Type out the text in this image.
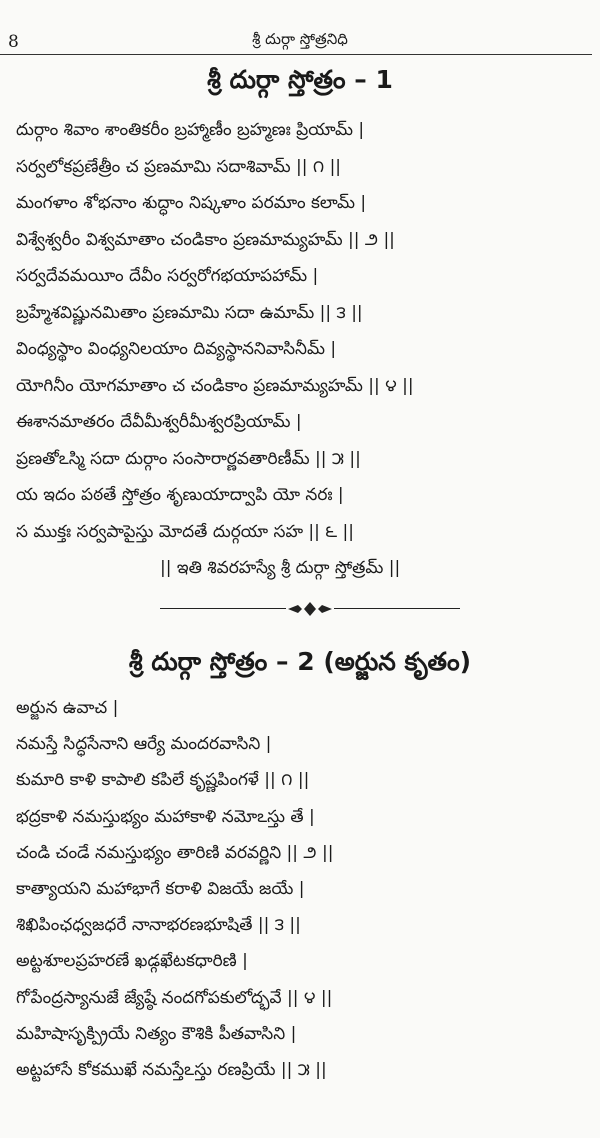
8	శ్రీ దుర్గా స్తోత్రనిధి
శ్రీ దుర్గా స్తోత్రం – 1
దుర్గాం శివాం శాంతికరీం బ్రహ్మాణీం బ్రహ్మణః ప్రియామ్ |
సర్వలోకప్రణేత్రీం చ ప్రణమామి సదాశివామ్ || ౧ ||
మంగళాం శోభనాం శుద్ధాం నిష్కళాం పరమాం కలామ్ |
విశ్వేశ్వరీం విశ్వమాతాం చండికాం ప్రణమామ్యహమ్ || ౨ ||
సర్వదేవమయీం దేవీం సర్వరోగభయాపహామ్ |
బ్రహ్మేశవిష్ణునమితాం ప్రణమామి సదా ఉమామ్ || ౩ ||
వింధ్యస్థాం వింధ్యనిలయాం దివ్యస్థాననివాసినీమ్ |
యోగినీం యోగమాతాం చ చండికాం ప్రణమామ్యహమ్ || ౪ ||
ఈశానమాతరం దేవీమీశ్వరీమీశ్వరప్రియామ్ |
ప్రణతోఽస్మి సదా దుర్గాం సంసారార్ణవతారిణీమ్ || ౫ ||
య ఇదం పఠతే స్తోత్రం శృణుయాద్వాపి యో నరః |
స ముక్తః సర్వపాపైస్తు మోదతే దుర్గయా సహ || ౬ ||
|| ఇతి శివరహస్యే శ్రీ దుర్గా స్తోత్రమ్ ||
శ్రీ దుర్గా స్తోత్రం – 2 (అర్జున కృతం)
అర్జున ఉవాచ |
నమస్తే సిద్ధసేనాని ఆర్యే మందరవాసిని |
కుమారి కాళి కాపాలి కపిలే కృష్ణపింగళే || ౧ ||
భద్రకాళి నమస్తుభ్యం మహాకాళి నమోఽస్తు తే |
చండి చండే నమస్తుభ్యం తారిణి వరవర్ణిని || ౨ ||
కాత్యాయని మహాభాగే కరాళి విజయే జయే |
శిఖిపింఛధ్వజధరే నానాభరణభూషితే || ౩ ||
అట్టశూలప్రహరణే ఖడ్గఖేటకధారిణి |
గోపేంద్రస్యానుజే జ్యేష్ఠే నందగోపకులోద్భవే || ౪ ||
మహిషాసృక్ప్రియే నిత్యం కౌశికి పీతవాసిని |
అట్టహాసే కోకముఖే నమస్తేఽస్తు రణప్రియే || ౫ ||
